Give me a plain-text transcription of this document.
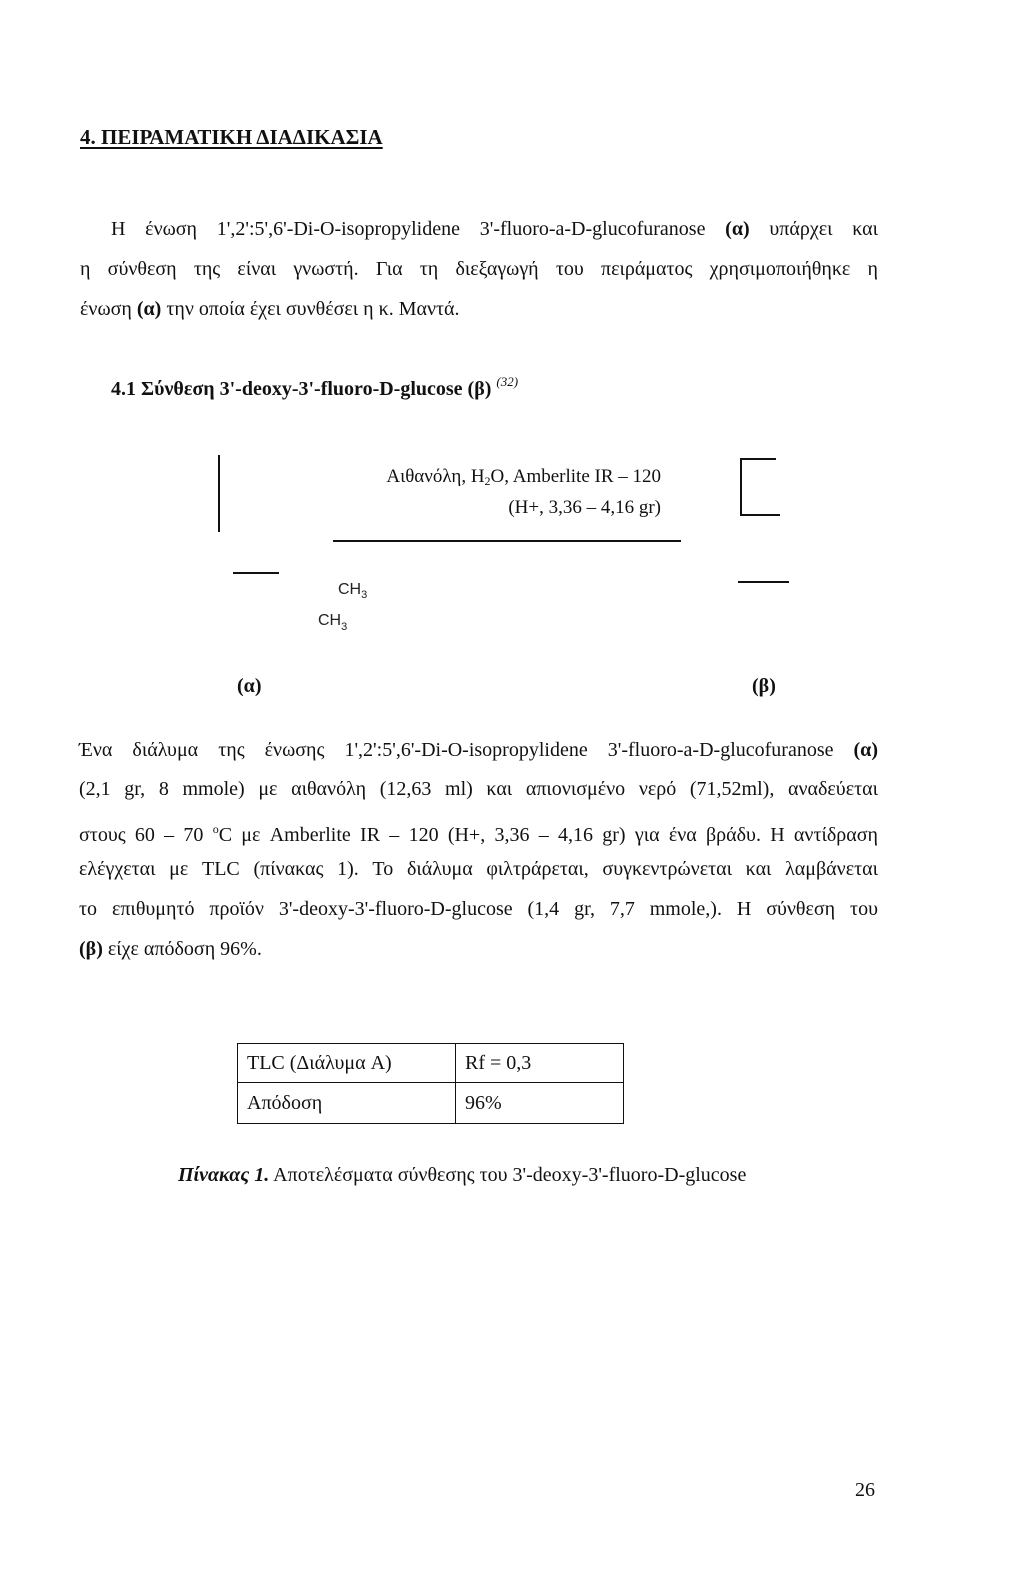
4. ΠΕΙΡΑΜΑΤΙΚΗ ΔΙΑΔΙΚΑΣΙΑ
Η ένωση 1',2':5',6'-Di-O-isopropylidene 3'-fluoro-a-D-glucofuranose (α) υπάρχει και
η σύνθεση της είναι γνωστή. Για τη διεξαγωγή του πειράματος χρησιμοποιήθηκε η
ένωση (α) την οποία έχει συνθέσει η κ. Μαντά.
4.1 Σύνθεση 3'-deoxy-3'-fluoro-D-glucose (β) $^{(32)}$
Αιθανόλη, $H_2O$, Amberlite IR – 120
(H+, 3,36 – 4,16 gr)
$CH_3$
$CH_3$
(α)	(β)
Ένα διάλυμα της ένωσης 1',2':5',6'-Di-O-isopropylidene 3'-fluoro-a-D-glucofuranose (α)
(2,1 gr, 8 mmole) με αιθανόλη (12,63 ml) και απιονισμένο νερό (71,52ml), αναδεύεται
στους 60 – 70 $^o$C με Amberlite IR – 120 (H+, 3,36 – 4,16 gr) για ένα βράδυ. Η αντίδραση
ελέγχεται με TLC (πίνακας 1). Το διάλυμα φιλτράρεται, συγκεντρώνεται και λαμβάνεται
το επιθυμητό προϊόν 3'-deoxy-3'-fluoro-D-glucose (1,4 gr, 7,7 mmole,). Η σύνθεση του
(β) είχε απόδοση 96%.
TLC (Διάλυμα A)	Rf = 0,3
Απόδοση	96%
Πίνακας 1. Αποτελέσματα σύνθεσης του 3'-deoxy-3'-fluoro-D-glucose
26
